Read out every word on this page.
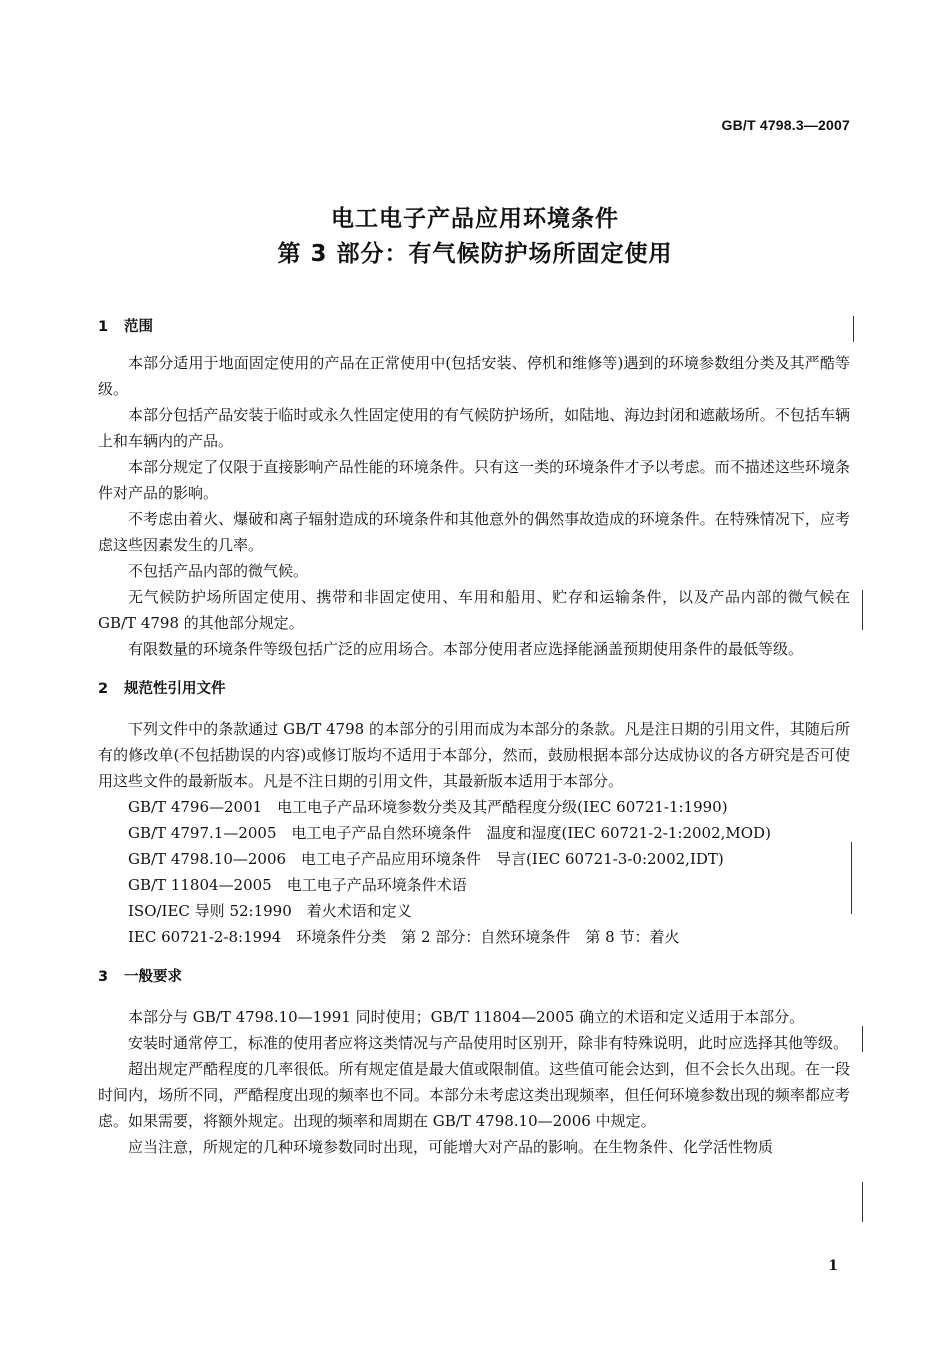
GB/T 4798.3—2007
电工电子产品应用环境条件
第 3 部分：有气候防护场所固定使用
1 范围

本部分适用于地面固定使用的产品在正常使用中(包括安装、停机和维修等)遇到的环境参数组分类及其严酷等级。

本部分包括产品安装于临时或永久性固定使用的有气候防护场所，如陆地、海边封闭和遮蔽场所。不包括车辆上和车辆内的产品。

本部分规定了仅限于直接影响产品性能的环境条件。只有这一类的环境条件才予以考虑。而不描述这些环境条件对产品的影响。

不考虑由着火、爆破和离子辐射造成的环境条件和其他意外的偶然事故造成的环境条件。在特殊情况下，应考虑这些因素发生的几率。

不包括产品内部的微气候。

无气候防护场所固定使用、携带和非固定使用、车用和船用、贮存和运输条件，以及产品内部的微气候在 GB/T 4798 的其他部分规定。

有限数量的环境条件等级包括广泛的应用场合。本部分使用者应选择能涵盖预期使用条件的最低等级。

2 规范性引用文件

下列文件中的条款通过 GB/T 4798 的本部分的引用而成为本部分的条款。凡是注日期的引用文件，其随后所有的修改单(不包括勘误的内容)或修订版均不适用于本部分，然而，鼓励根据本部分达成协议的各方研究是否可使用这些文件的最新版本。凡是不注日期的引用文件，其最新版本适用于本部分。

GB/T 4796—2001　电工电子产品环境参数分类及其严酷程度分级(IEC 60721-1:1990)
GB/T 4797.1—2005　电工电子产品自然环境条件　温度和湿度(IEC 60721-2-1:2002,MOD)
GB/T 4798.10—2006　电工电子产品应用环境条件　导言(IEC 60721-3-0:2002,IDT)
GB/T 11804—2005　电工电子产品环境条件术语
ISO/IEC 导则 52:1990　着火术语和定义
IEC 60721-2-8:1994　环境条件分类　第 2 部分：自然环境条件　第 8 节：着火
3 一般要求

本部分与 GB/T 4798.10—1991 同时使用；GB/T 11804—2005 确立的术语和定义适用于本部分。

安装时通常停工，标准的使用者应将这类情况与产品使用时区别开，除非有特殊说明，此时应选择其他等级。

超出规定严酷程度的几率很低。所有规定值是最大值或限制值。这些值可能会达到，但不会长久出现。在一段时间内，场所不同，严酷程度出现的频率也不同。本部分未考虑这类出现频率，但任何环境参数出现的频率都应考虑。如果需要，将额外规定。出现的频率和周期在 GB/T 4798.10—2006 中规定。

应当注意，所规定的几种环境参数同时出现，可能增大对产品的影响。在生物条件、化学活性物质

1
